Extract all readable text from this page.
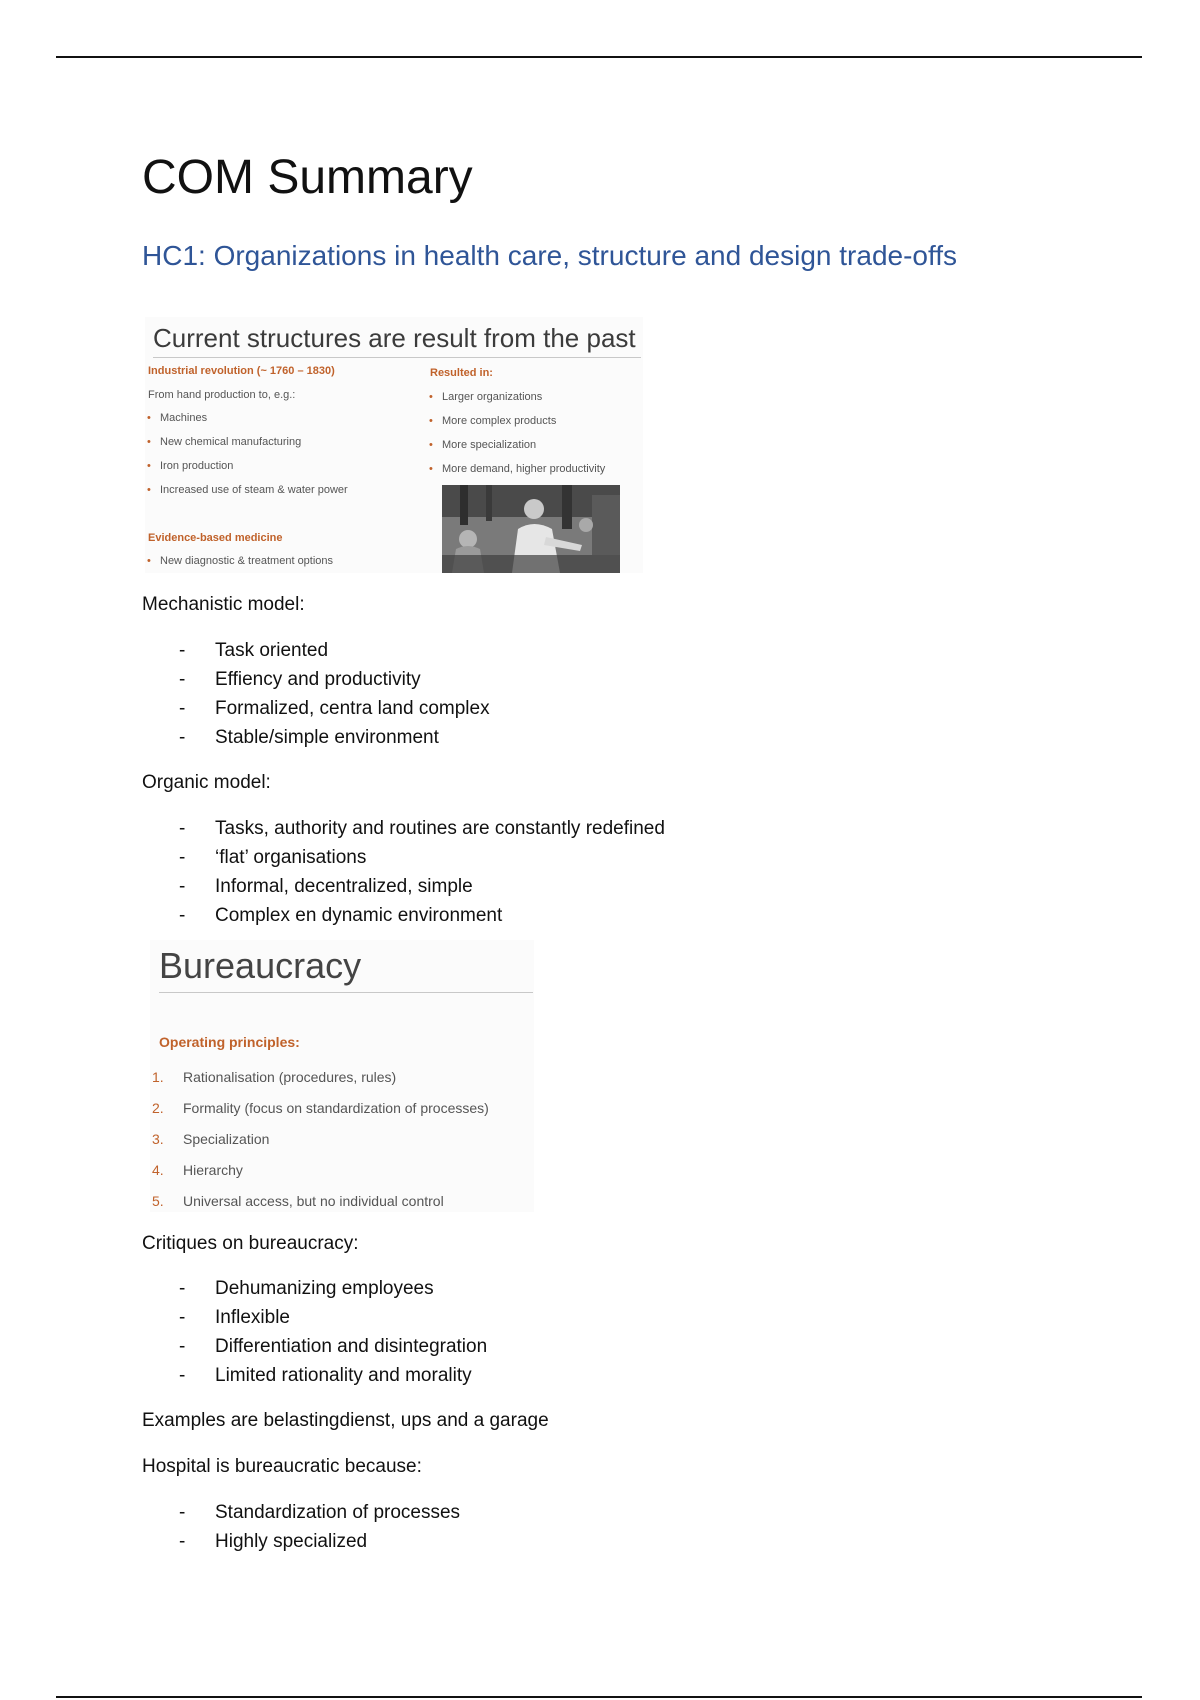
COM Summary
HC1: Organizations in health care, structure and design trade-offs
Current structures are result from the past
Industrial revolution (~ 1760 – 1830)
From hand production to, e.g.:
• Machines
• New chemical manufacturing
• Iron production
• Increased use of steam & water power
Evidence-based medicine
• New diagnostic & treatment options
Resulted in:
• Larger organizations
• More complex products
• More specialization
• More demand, higher productivity

Mechanistic model:

- Task oriented
- Effiency and productivity
- Formalized, centra land complex
- Stable/simple environment

Organic model:

- Tasks, authority and routines are constantly redefined
- ‘flat’ organisations
- Informal, decentralized, simple
- Complex en dynamic environment
Bureaucracy
Operating principles:
1. Rationalisation (procedures, rules)
2. Formality (focus on standardization of processes)
3. Specialization
4. Hierarchy
5. Universal access, but no individual control

Critiques on bureaucracy:

- Dehumanizing employees
- Inflexible
- Differentiation and disintegration
- Limited rationality and morality

Examples are belastingdienst, ups and a garage

Hospital is bureaucratic because:

- Standardization of processes
- Highly specialized
